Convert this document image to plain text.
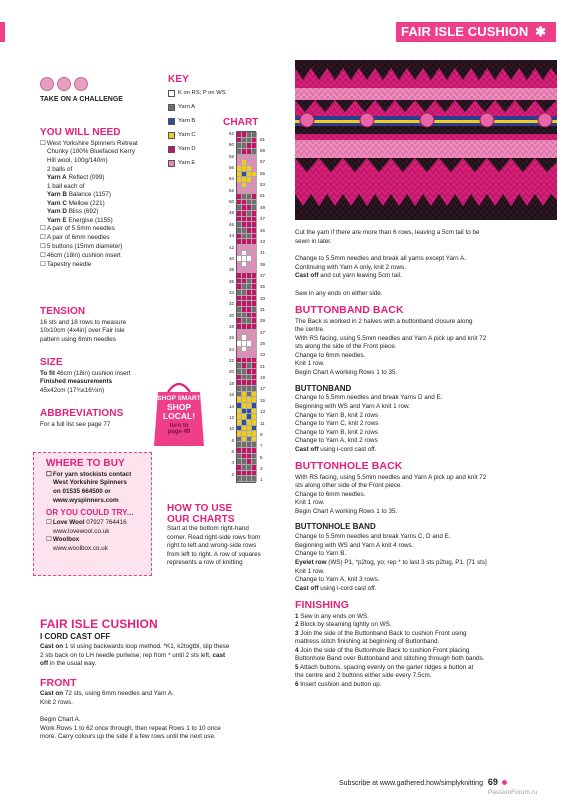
FAIR ISLE CUSHION ✱
TAKE ON A CHALLENGE
YOU WILL NEED
☐ West Yorkshire Spinners Retreat
Chunky (100% Bluefaced Kerry
Hill wool, 100g/140m)
2 balls of
Yarn A Reflect (099)
1 ball each of
Yarn B Balance (1157)
Yarn C Mellow (221)
Yarn D Bliss (692)
Yarn E Energise (1155)
☐ A pair of 5.5mm needles
☐ A pair of 6mm needles
☐ 5 buttons (15mm diameter)
☐ 46cm (18in) cushion insert
☐ Tapestry needle
TENSION
16 sts and 18 rows to measure
10x10cm (4x4in) over Fair Isle
pattern using 6mm needles
SIZE
To fit 46cm (18in) cushion insert
Finished measurements
45x42cm (17¾x16½in)
ABBREVIATIONS
For a full list see page 77
WHERE TO BUY
☐ For yarn stockists contact
West Yorkshire Spinners
on 01535 664500 or
www.wyspinners.com
OR YOU COULD TRY...
☐ Love Wool 07927 764416
www.lovewool.co.uk
☐ Woolbox
www.woolbox.co.uk
KEY
K on RS; P on WS
Yarn A
Yarn B
Yarn C
Yarn D
Yarn E
CHART
62
60
58
56
54
52
50
48
46
44
42
40
38
36
34
32
30
28
26
24
22
20
18
16
14
12
10
8
6
4
2
61
59
57
55
53
51
49
47
45
43
41
39
37
35
33
31
29
27
25
23
21
19
17
15
13
11
9
7
5
3
1
SHOP SMART
SHOP
LOCAL!
turn to
page 49
HOW TO USE
OUR CHARTS
Start at the bottom right-hand
corner. Read right-side rows from
right to left and wrong-side rows
from left to right. A row of squares
represents a row of knitting
Cut the yarn if there are more than 6 rows, leaving a 5cm tail to be
sewn in later.
Change to 5.5mm needles and break all yarns except Yarn A.
Continuing with Yarn A only, knit 2 rows.
Cast off and cut yarn leaving 5cm tail.
Sew in any ends on either side.
BUTTONBAND BACK
The Back is worked in 2 halves with a buttonband closure along
the centre.
With RS facing, using 5.5mm needles and Yarn A pick up and knit 72
sts along the side of the Front piece.
Change to 6mm needles.
Knit 1 row.
Begin Chart A working Rows 1 to 35.
BUTTONBAND
Change to 5.5mm needles and break Yarns D and E.
Beginning with WS and Yarn A knit 1 row.
Change to Yarn B, knit 2 rows
Change to Yarn C, knit 2 rows
Change to Yarn B, knit 2 rows
Change to Yarn A, knit 2 rows
Cast off using i-cord cast off.
BUTTONHOLE BACK
With RS facing, using 5.5mm needles and Yarn A pick up and knit 72
sts along other side of the Front piece.
Change to 6mm needles.
Knit 1 row.
Begin Chart A working Rows 1 to 35.
BUTTONHOLE BAND
Change to 5.5mm needles and break Yarns C, D and E.
Beginning with WS and Yarn A knit 4 rows.
Change to Yarn B.
Eyelet row (WS) P1, *p2tog, yo; rep * to last 3 sts p2tog, P1. [71 sts]
Knit 1 row.
Change to Yarn A, knit 3 rows.
Cast off using i-cord cast off.
FINISHING
1 Sew in any ends on WS.
2 Block by steaming lightly on WS.
3 Join the side of the Buttonband Back to cushion Front using
mattress stitch finishing at beginning of Buttonband.
4 Join the side of the Buttonhole Back to cushion Front placing
Buttonhole Band over Buttonband and stitching through both bands.
5 Attach buttons, spacing evenly on the garter ridges a button at
the centre and 2 buttons either side every 7.5cm.
6 Insert cushion and button up.
FAIR ISLE CUSHION
I CORD CAST OFF
Cast on 1 st using backwards loop method. *K1, k2togtbl, slip these
2 sts back on to LH needle purlwise; rep from * until 2 sts left, cast
off in the usual way.
FRONT
Cast on 72 sts, using 6mm needles and Yarn A.
Knit 2 rows.
Begin Chart A.
Work Rows 1 to 62 once through, then repeat Rows 1 to 10 once
more. Carry colours up the side if a few rows until the next use.
Subscribe at www.gathered.how/simplyknitting 69
PassionForum.ru
